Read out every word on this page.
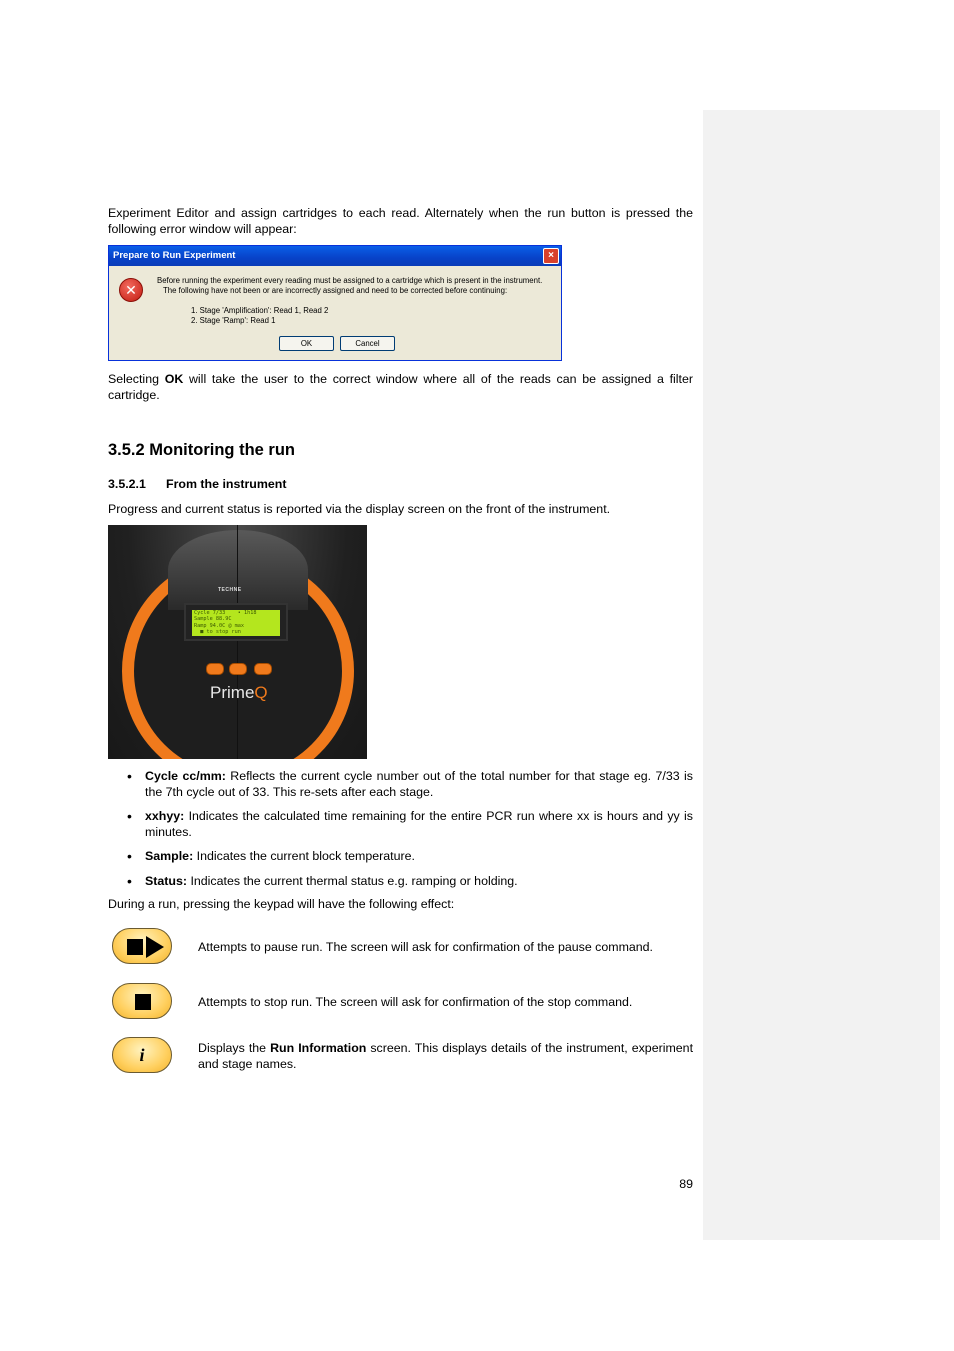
Experiment Editor and assign cartridges to each read. Alternately when the run button is pressed the following error window will appear:

Prepare to Run Experiment	×
✕
Before running the experiment every reading must be assigned to a cartridge which is present in the instrument.
The following have not been or are incorrectly assigned and need to be corrected before continuing:
1. Stage 'Amplification': Read 1, Read 2
2. Stage 'Ramp': Read 1
OK	Cancel

Selecting OK will take the user to the correct window where all of the reads can be assigned a filter cartridge.

3.5.2 Monitoring the run
3.5.2.1 From the instrument

Progress and current status is reported via the display screen on the front of the instrument.

TECHNE
Cycle 7/33    • 1h18
Sample 88.9C
Ramp 94.0C @ max
■ to stop run
PrimeQ
• Cycle cc/mm: Reflects the current cycle number out of the total number for that stage eg. 7/33 is the 7th cycle out of 33. This re-sets after each stage.

• xxhyy: Indicates the calculated time remaining for the entire PCR run where xx is hours and yy is minutes.

• Sample: Indicates the current block temperature.

• Status: Indicates the current thermal status e.g. ramping or holding.

During a run, pressing the keypad will have the following effect:

Attempts to pause run. The screen will ask for confirmation of the pause command.

Attempts to stop run. The screen will ask for confirmation of the stop command.

i	Displays the Run Information screen. This displays details of the instrument, experiment and stage names.

89
